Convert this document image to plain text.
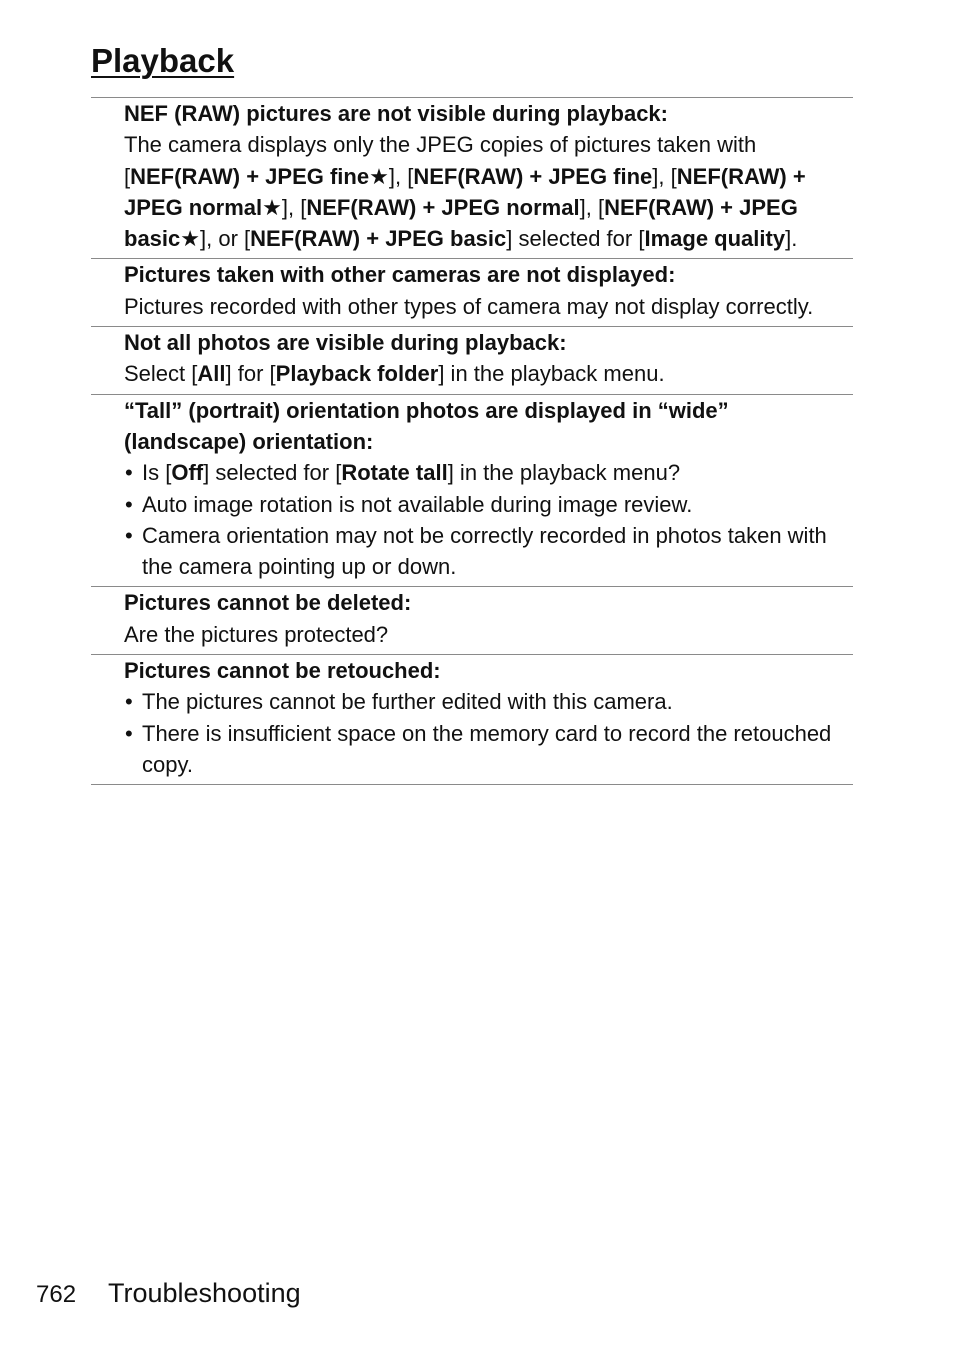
Playback

NEF (RAW) pictures are not visible during playback:

The camera displays only the JPEG copies of pictures taken with [NEF(RAW) + JPEG fine★], [NEF(RAW) + JPEG fine], [NEF(RAW) + JPEG normal★], [NEF(RAW) + JPEG normal], [NEF(RAW) + JPEG basic★], or [NEF(RAW) + JPEG basic] selected for [Image quality].

Pictures taken with other cameras are not displayed:

Pictures recorded with other types of camera may not display correctly.

Not all photos are visible during playback:

Select [All] for [Playback folder] in the playback menu.

“Tall” (portrait) orientation photos are displayed in “wide” (landscape) orientation:

• Is [Off] selected for [Rotate tall] in the playback menu?
• Auto image rotation is not available during image review.
• Camera orientation may not be correctly recorded in photos taken with the camera pointing up or down.

Pictures cannot be deleted:

Are the pictures protected?

Pictures cannot be retouched:

• The pictures cannot be further edited with this camera.
• There is insufficient space on the memory card to record the retouched copy.
762 Troubleshooting
